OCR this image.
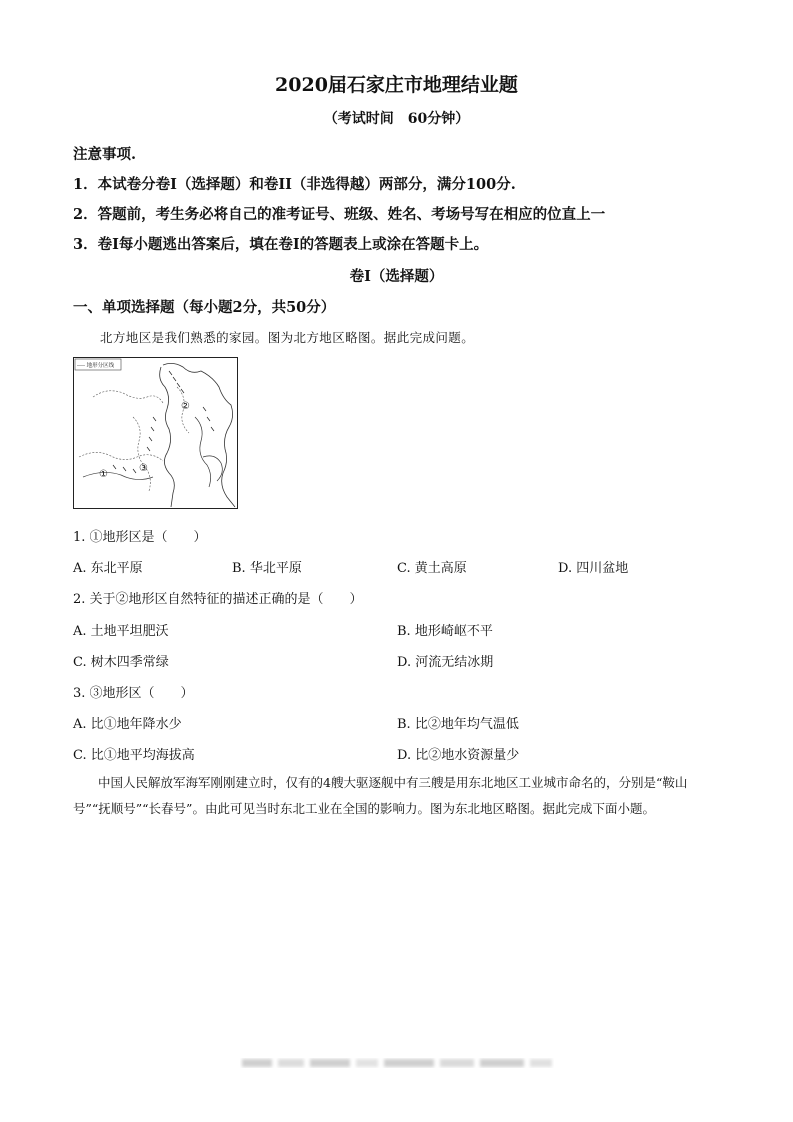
2020届石家庄市地理结业题
（考试时间　60分钟）
注意事项.
1．本试卷分卷Ⅰ（选择题）和卷II（非选得越）两部分，满分100分.
2．答题前，考生务必将自己的准考证号、班级、姓名、考场号写在相应的位直上一
3．卷Ⅰ每小题逃出答案后，填在卷Ⅰ的答题表上或涂在答题卡上。
卷Ⅰ（选择题）
一、单项选择题（每小题2分，共50分）
北方地区是我们熟悉的家园。图为北方地区略图。据此完成问题。
---- 地形分区线
②
③
①
1. ①地形区是（　　）
A. 东北平原	B. 华北平原	C. 黄土高原	D. 四川盆地
2. 关于②地形区自然特征的描述正确的是（　　）
A. 土地平坦肥沃	B. 地形崎岖不平
C. 树木四季常绿	D. 河流无结冰期
3. ③地形区（　　）
A. 比①地年降水少	B. 比②地年均气温低
C. 比①地平均海拔高	D. 比②地水资源量少
中国人民解放军海军刚刚建立时，仅有的4艘大驱逐舰中有三艘是用东北地区工业城市命名的，分别是“鞍山号”“抚顺号”“长春号”。由此可见当时东北工业在全国的影响力。图为东北地区略图。据此完成下面小题。
